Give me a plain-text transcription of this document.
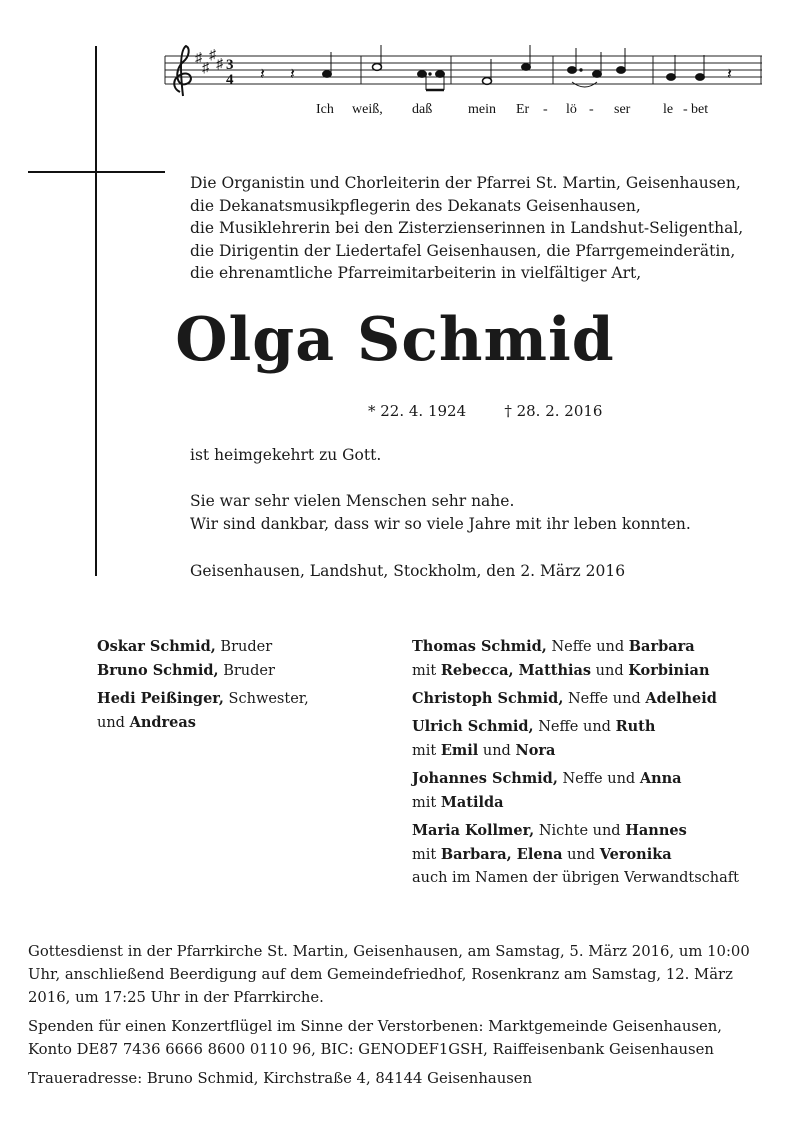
♯
♯
♯
♯ 3
4 𝄽 𝄽	𝄽
Ich weiß, daß	mein Er - lö - ser le - bet
Die Organistin und Chorleiterin der Pfarrei St. Martin, Geisenhausen,
die Dekanatsmusikpflegerin des Dekanats Geisenhausen,
die Musiklehrerin bei den Zisterzienserinnen in Landshut-Seligenthal,
die Dirigentin der Liedertafel Geisenhausen, die Pfarrgemeinderätin,
die ehrenamtliche Pfarreimitarbeiterin in vielfältiger Art,
Olga Schmid
* 22. 4. 1924	† 28. 2. 2016
ist heimgekehrt zu Gott.
Sie war sehr vielen Menschen sehr nahe.
Wir sind dankbar, dass wir so viele Jahre mit ihr leben konnten.
Geisenhausen, Landshut, Stockholm, den 2. März 2016
Oskar Schmid, Bruder
Bruno Schmid, Bruder
Hedi Peißinger, Schwester,
und Andreas
Thomas Schmid, Neffe und Barbara
mit Rebecca, Matthias und Korbinian
Christoph Schmid, Neffe und Adelheid
Ulrich Schmid, Neffe und Ruth
mit Emil und Nora
Johannes Schmid, Neffe und Anna
mit Matilda
Maria Kollmer, Nichte und Hannes
mit Barbara, Elena und Veronika
auch im Namen der übrigen Verwandtschaft

Gottesdienst in der Pfarrkirche St. Martin, Geisenhausen, am Samstag, 5. März 2016, um 10:00 Uhr, anschließend Beerdigung auf dem Gemeindefriedhof, Rosenkranz am Samstag, 12. März 2016, um 17:25 Uhr in der Pfarrkirche.

Spenden für einen Konzertflügel im Sinne der Verstorbenen: Marktgemeinde Geisenhausen, Konto DE87 7436 6666 8600 0110 96, BIC: GENODEF1GSH, Raiffeisenbank Geisenhausen

Traueradresse: Bruno Schmid, Kirchstraße 4, 84144 Geisenhausen
